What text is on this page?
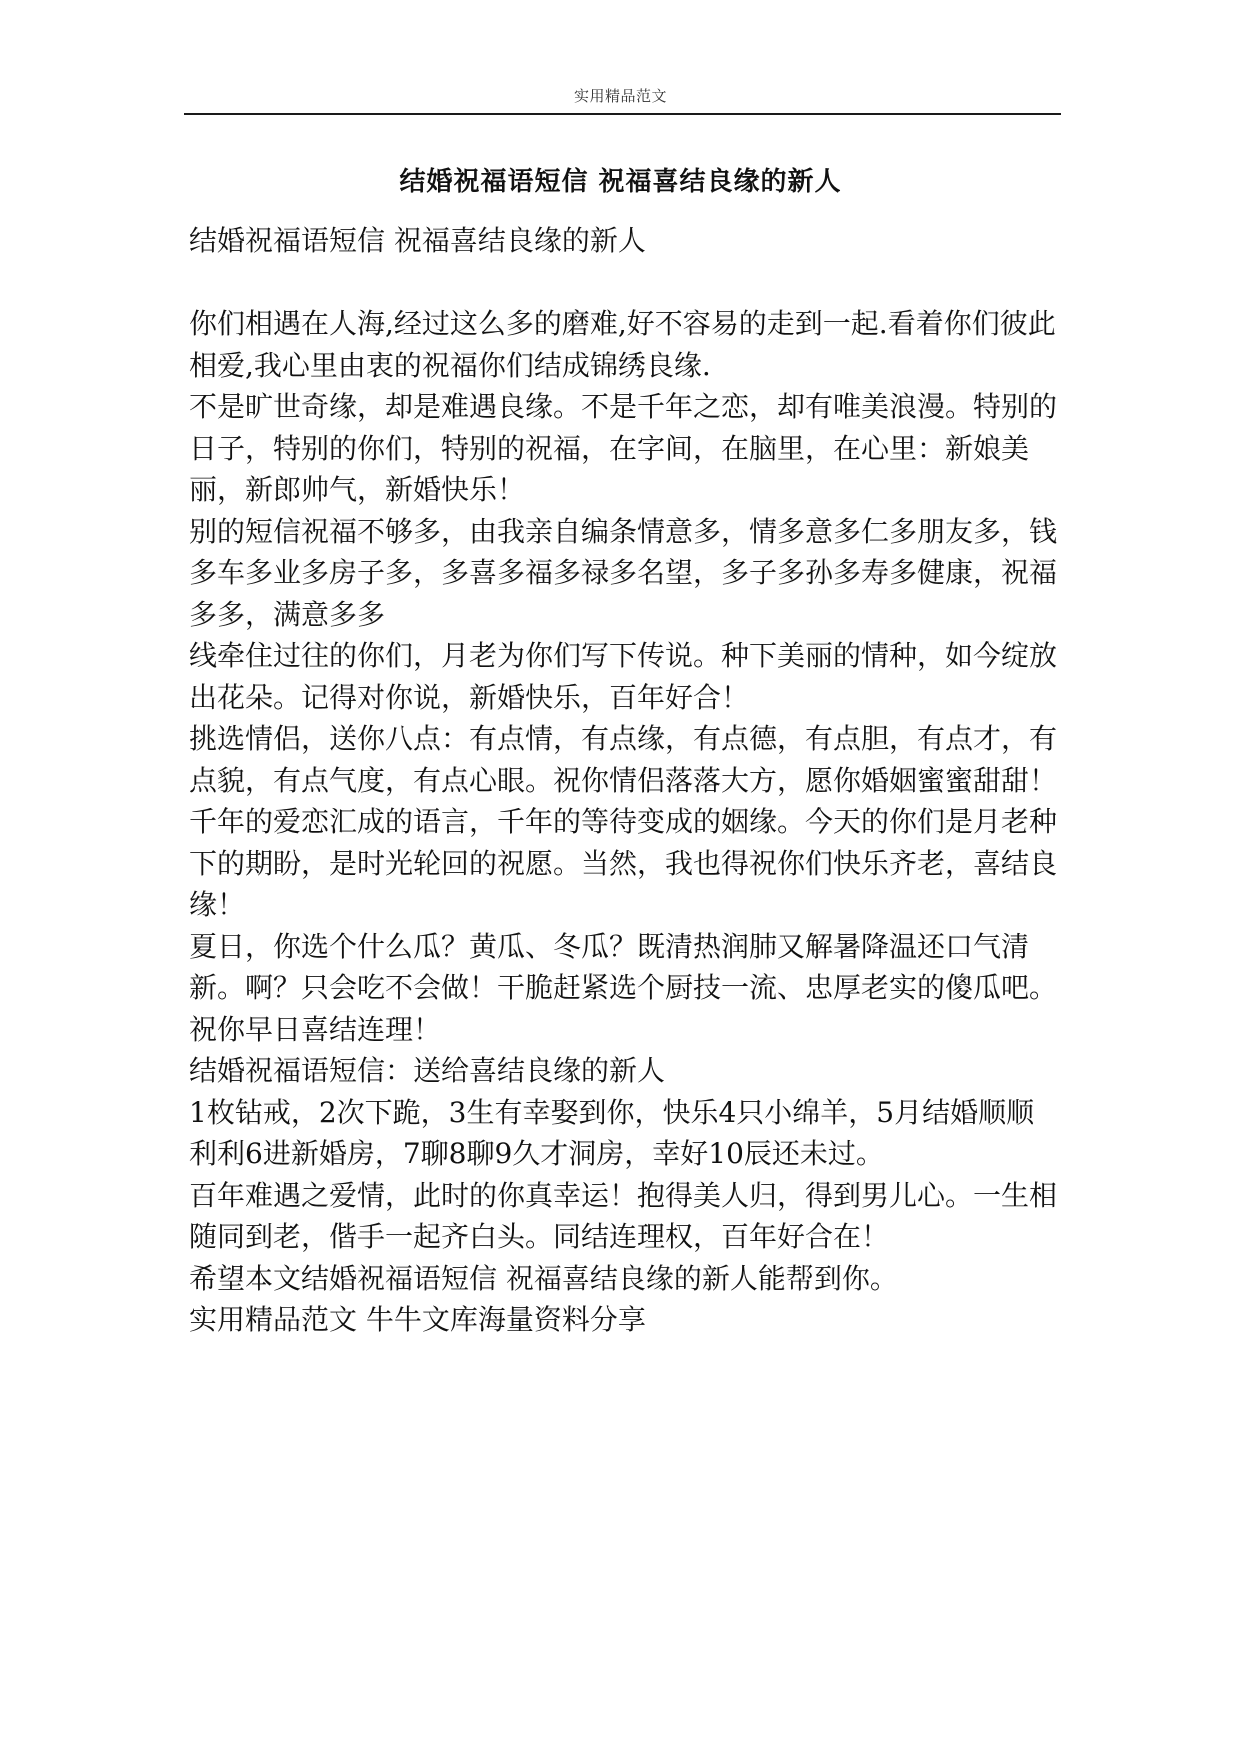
实用精品范文
结婚祝福语短信 祝福喜结良缘的新人

结婚祝福语短信 祝福喜结良缘的新人

你们相遇在人海,经过这么多的磨难,好不容易的走到一起.看着你们彼此相爱,我心里由衷的祝福你们结成锦绣良缘.

不是旷世奇缘，却是难遇良缘。不是千年之恋，却有唯美浪漫。特别的日子，特别的你们，特别的祝福，在字间，在脑里，在心里：新娘美丽，新郎帅气，新婚快乐！

别的短信祝福不够多，由我亲自编条情意多，情多意多仁多朋友多，钱多车多业多房子多，多喜多福多禄多名望，多子多孙多寿多健康，祝福多多，满意多多

线牵住过往的你们，月老为你们写下传说。种下美丽的情种，如今绽放出花朵。记得对你说，新婚快乐，百年好合！

挑选情侣，送你八点：有点情，有点缘，有点德，有点胆，有点才，有点貌，有点气度，有点心眼。祝你情侣落落大方，愿你婚姻蜜蜜甜甜！

千年的爱恋汇成的语言，千年的等待变成的姻缘。今天的你们是月老种下的期盼，是时光轮回的祝愿。当然，我也得祝你们快乐齐老，喜结良缘！

夏日，你选个什么瓜？黄瓜、冬瓜？既清热润肺又解暑降温还口气清新。啊？只会吃不会做！干脆赶紧选个厨技一流、忠厚老实的傻瓜吧。祝你早日喜结连理！

结婚祝福语短信：送给喜结良缘的新人

1枚钻戒，2次下跪，3生有幸娶到你，快乐4只小绵羊，5月结婚顺顺利利6进新婚房，7聊8聊9久才洞房，幸好10辰还未过。

百年难遇之爱情，此时的你真幸运！抱得美人归，得到男儿心。一生相随同到老，偕手一起齐白头。同结连理权，百年好合在！

希望本文结婚祝福语短信 祝福喜结良缘的新人能帮到你。

实用精品范文 牛牛文库海量资料分享
